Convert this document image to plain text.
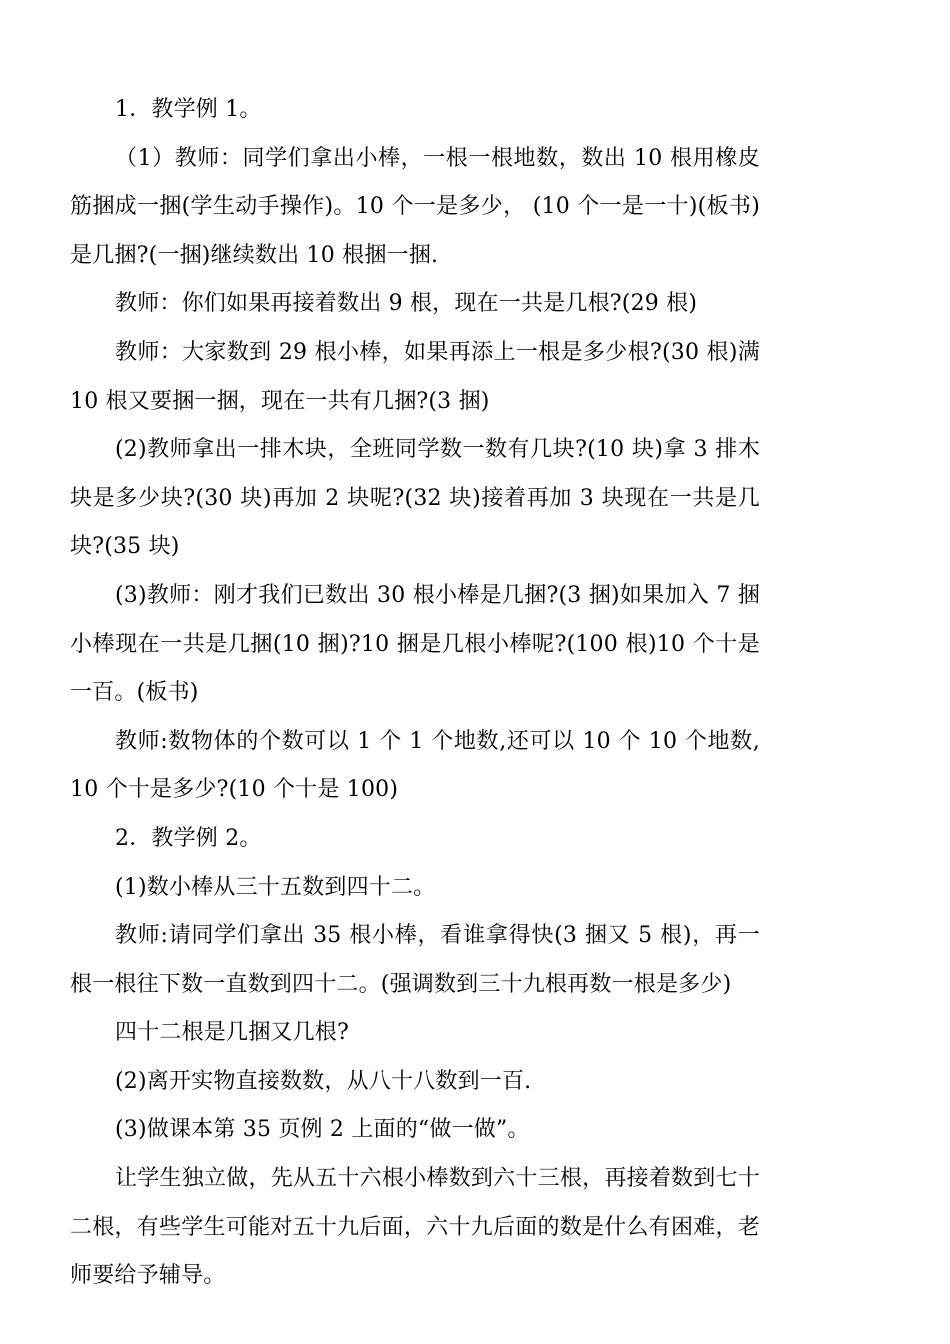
1．教学例 1。

（1）教师：同学们拿出小棒，一根一根地数，数出 10 根用橡皮筋捆成一捆(学生动手操作)。10 个一是多少， (10 个一是一十)(板书)是几捆?(一捆)继续数出 10 根捆一捆.

教师：你们如果再接着数出 9 根，现在一共是几根?(29 根)

教师：大家数到 29 根小棒，如果再添上一根是多少根?(30 根)满 10 根又要捆一捆，现在一共有几捆?(3 捆)

(2)教师拿出一排木块，全班同学数一数有几块?(10 块)拿 3 排木块是多少块?(30 块)再加 2 块呢?(32 块)接着再加 3 块现在一共是几块?(35 块)

(3)教师：刚才我们已数出 30 根小棒是几捆?(3 捆)如果加入 7 捆小棒现在一共是几捆(10 捆)?10 捆是几根小棒呢?(100 根)10 个十是一百。(板书)

教师:数物体的个数可以 1 个 1 个地数,还可以 10 个 10 个地数,10 个十是多少?(10 个十是 100)

2．教学例 2。

(1)数小棒从三十五数到四十二。

教师:请同学们拿出 35 根小棒，看谁拿得快(3 捆又 5 根)，再一根一根往下数一直数到四十二。(强调数到三十九根再数一根是多少)

四十二根是几捆又几根?

(2)离开实物直接数数，从八十八数到一百.

(3)做课本第 35 页例 2 上面的“做一做”。

让学生独立做，先从五十六根小棒数到六十三根，再接着数到七十二根，有些学生可能对五十九后面，六十九后面的数是什么有困难，老师要给予辅导。
